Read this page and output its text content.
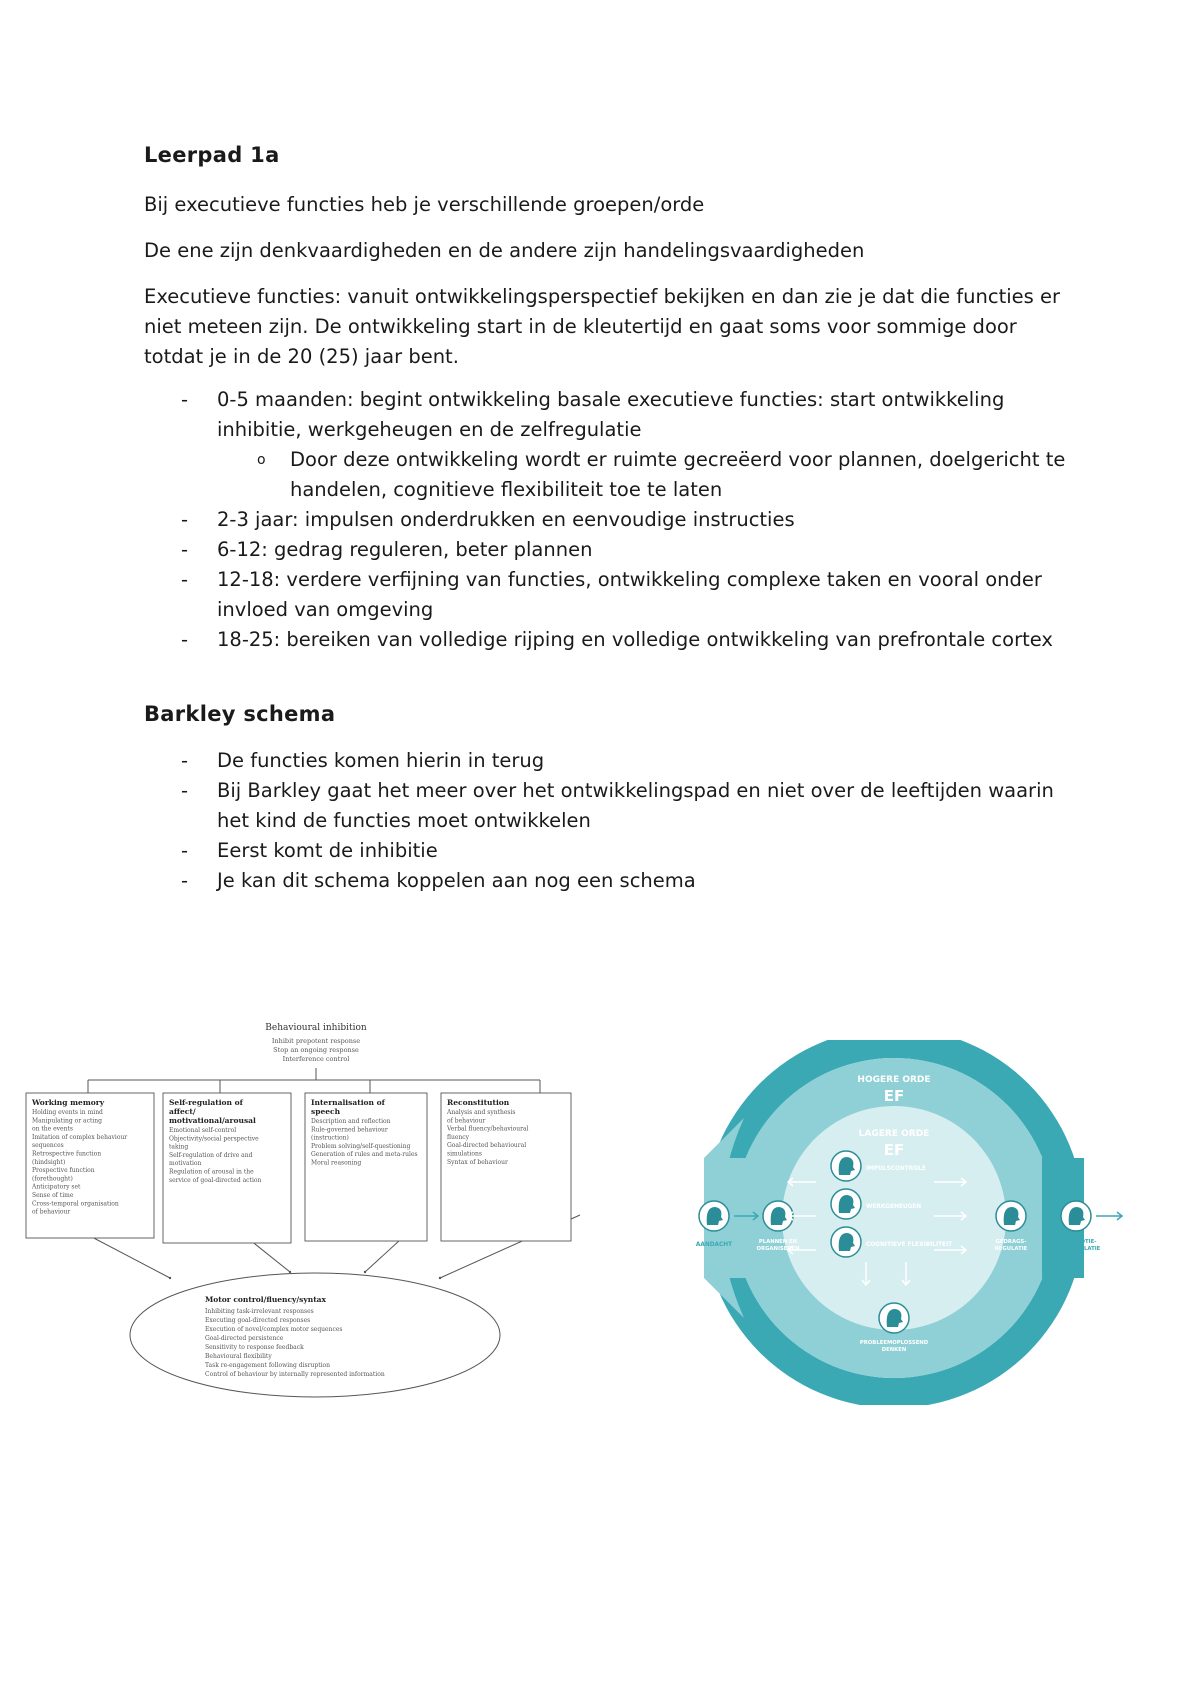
Leerpad 1a
Bij executieve functies heb je verschillende groepen/orde
De ene zijn denkvaardigheden en de andere zijn handelingsvaardigheden
Executieve functies: vanuit ontwikkelingsperspectief bekijken en dan zie je dat die functies er niet meteen zijn. De ontwikkeling start in de kleutertijd en gaat soms voor sommige door totdat je in de 20 (25) jaar bent.
- 0-5 maanden: begint ontwikkeling basale executieve functies: start ontwikkeling inhibitie, werkgeheugen en de zelfregulatie
o Door deze ontwikkeling wordt er ruimte gecreëerd voor plannen, doelgericht te handelen, cognitieve flexibiliteit toe te laten
- 2-3 jaar: impulsen onderdrukken en eenvoudige instructies
- 6-12: gedrag reguleren, beter plannen
- 12-18: verdere verfijning van functies, ontwikkeling complexe taken en vooral onder invloed van omgeving
- 18-25: bereiken van volledige rijping en volledige ontwikkeling van prefrontale cortex
Barkley schema
- De functies komen hierin in terug
- Bij Barkley gaat het meer over het ontwikkelingspad en niet over de leeftijden waarin het kind de functies moet ontwikkelen
- Eerst komt de inhibitie
- Je kan dit schema koppelen aan nog een schema
Behavioural inhibition
Inhibit prepotent response
Stop an ongoing response
Interference control
Working memory
Holding events in mind
Manipulating or acting
on the events
Imitation of complex behaviour
sequences
Retrospective function
(hindsight)
Prospective function
(forethought)
Anticipatory set
Sense of time
Cross-temporal organisation
of behaviour
Self-regulation of
affect/
motivational/arousal
Emotional self-control
Objectivity/social perspective
taking
Self-regulation of drive and
motivation
Regulation of arousal in the
service of goal-directed action
Internalisation of
speech
Description and reflection
Rule-governed behaviour
(instruction)
Problem solving/self-questioning
Generation of rules and meta-rules
Moral reasoning
Reconstitution
Analysis and synthesis
of behaviour
Verbal fluency/behavioural
fluency
Goal-directed behavioural
simulations
Syntax of behaviour
Motor control/fluency/syntax
Inhibiting task-irrelevant responses
Executing goal-directed responses
Execution of novel/complex motor sequences
Goal-directed persistence
Sensitivity to response feedback
Behavioural flexibility
Task re-engagement following disruption
Control of behaviour by internally represented information
HOGERE ORDE
EF
LAGERE ORDE
EF
IMPULSCONTROLE
WERKGEHEUGEN
COGNITIEVE FLEXIBILITEIT
AANDACHT	PLANNEN EN
ORGANISEREN
GEDRAGS-
REGULATIE
EMOTIE-
REGULATIE
PROBLEEMOPLOSSEND
DENKEN
